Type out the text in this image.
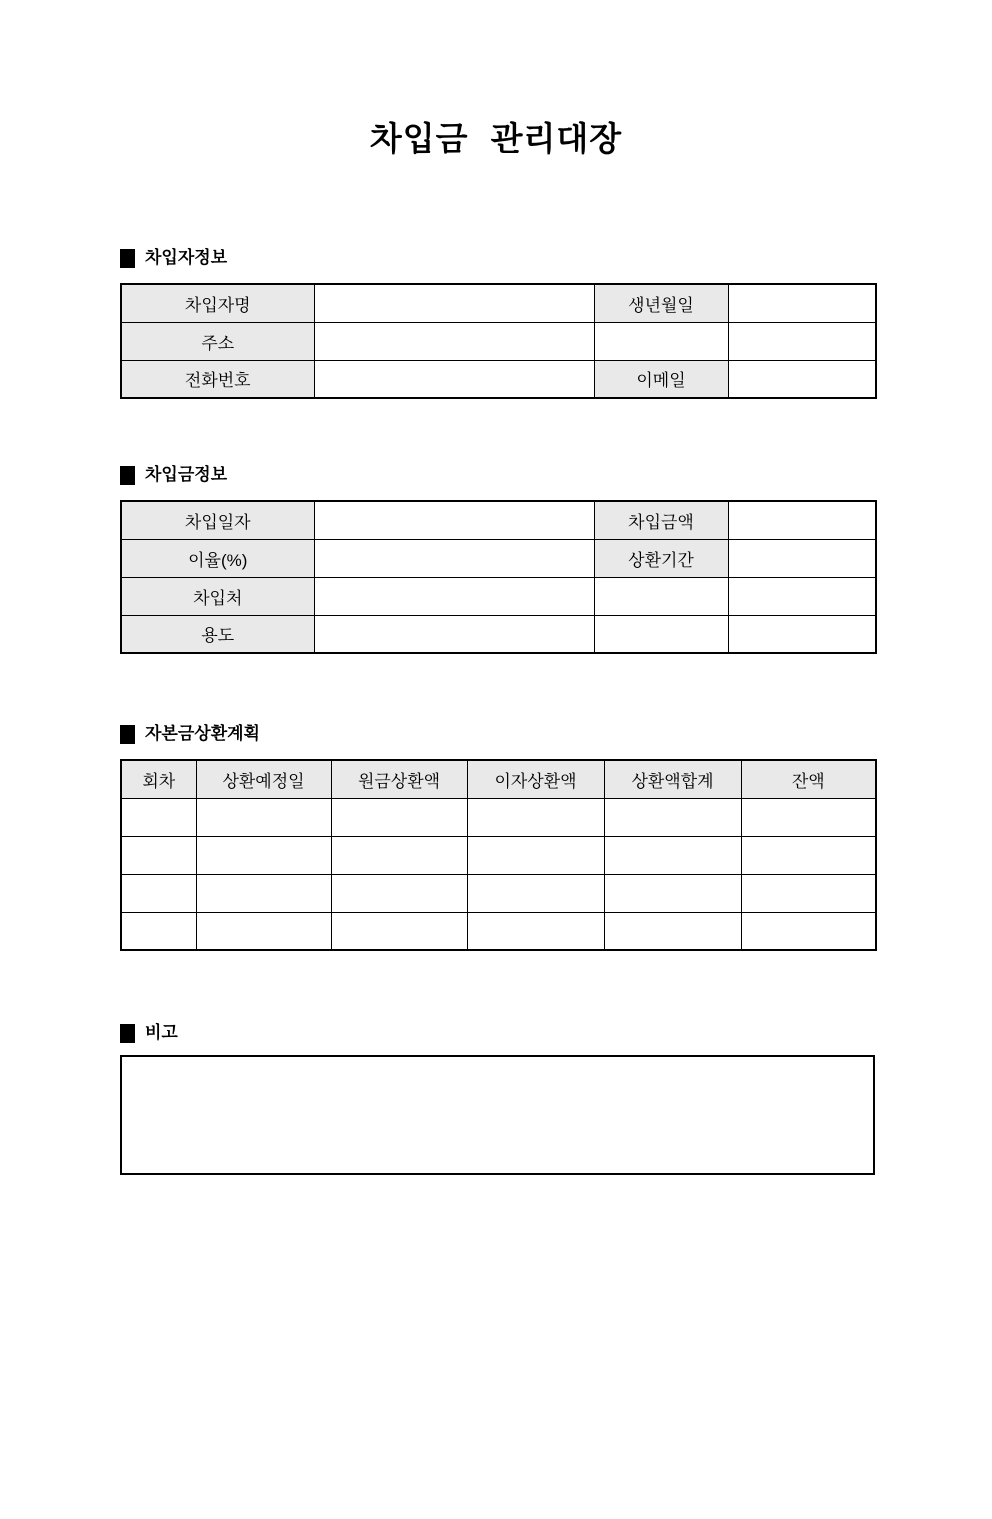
차입금 관리대장
차입자정보
차입자명		생년월일	
주소			
전화번호		이메일	
차입금정보
차입일자		차입금액	
이율(%)		상환기간	
차입처			
용도			
자본금상환계획
회차	상환예정일	원금상환액	이자상환액	상환액합계	잔액

비고
